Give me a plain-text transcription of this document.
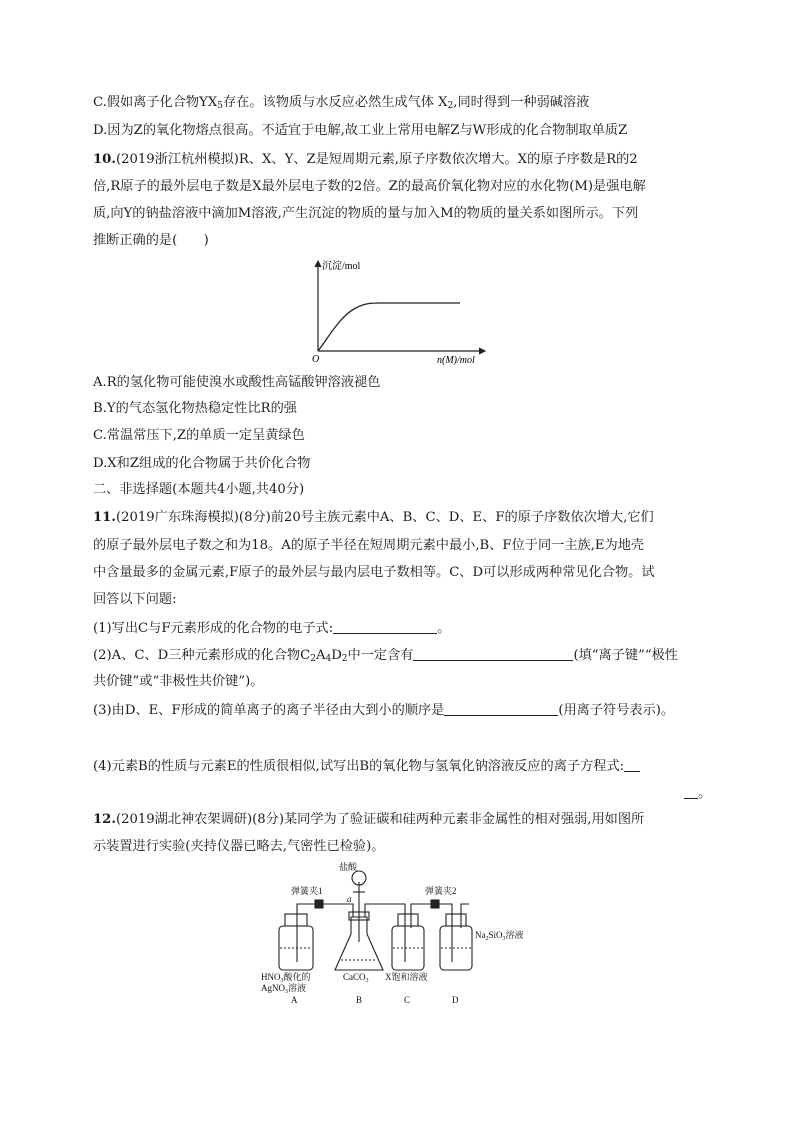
C.假如离子化合物$YX_5$存在。该物质与水反应必然生成气体 $X_2$,同时得到一种弱碱溶液
D.因为Z的氧化物熔点很高。不适宜于电解,故工业上常用电解Z与W形成的化合物制取单质Z
10.(2019浙江杭州模拟)R、X、Y、Z是短周期元素,原子序数依次增大。X的原子序数是R的2
倍,R原子的最外层电子数是X最外层电子数的2倍。Z的最高价氧化物对应的水化物(M)是强电解
质,向Y的钠盐溶液中滴加M溶液,产生沉淀的物质的量与加入M的物质的量关系如图所示。下列
推断正确的是(　　)
沉淀/mol
n(M)/mol
O
A.R的氢化物可能使溴水或酸性高锰酸钾溶液褪色
B.Y的气态氢化物热稳定性比R的强
C.常温常压下,Z的单质一定呈黄绿色
D.X和Z组成的化合物属于共价化合物
二、非选择题(本题共4小题,共40分)
11.(2019广东珠海模拟)(8分)前20号主族元素中A、B、C、D、E、F的原子序数依次增大,它们
的原子最外层电子数之和为18。A的原子半径在短周期元素中最小,B、F位于同一主族,E为地壳
中含量最多的金属元素,F原子的最外层与最内层电子数相等。C、D可以形成两种常见化合物。试
回答以下问题:
(1)写出C与F元素形成的化合物的电子式:	。
(2)A、C、D三种元素形成的化合物$C_2A_4D_2$中一定含有	(填“离子键”“极性
共价键”或“非极性共价键”)。
(3)由D、E、F形成的简单离子的离子半径由大到小的顺序是	(用离子符号表示)。
(4)元素B的性质与元素E的性质很相似,试写出B的氧化物与氢氧化钠溶液反应的离子方程式:
。
12.(2019湖北神农架调研)(8分)某同学为了验证碳和硅两种元素非金属性的相对强弱,用如图所
示装置进行实验(夹持仪器已略去,气密性已检验)。
盐酸
弹簧夹1	弹簧夹2
a
$HNO_3$酸化的
AgNO$_3$溶液
CaCO$_3$ X饱和溶液
$Na_2SiO_3$溶液
A	B	C	D
